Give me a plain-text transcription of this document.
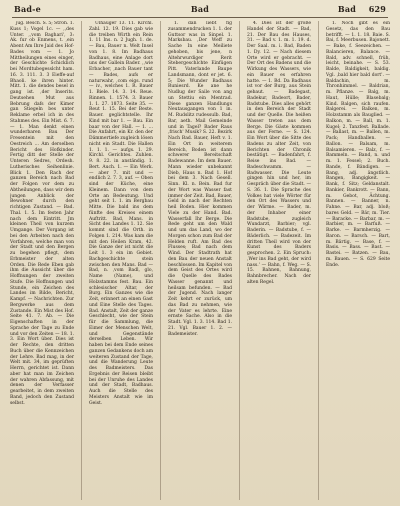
Bad-e	Bad	Bad 629

jug. Besch. S. 5; Stroh. 1. Kuss 1; Vogel 1c. — ,,des Unter. ,,vom Baghari', 3: Ak. fur ob Enmens, t. ,ein Abent Am Ihre Jaid des Hof-Bades vom — 1. Jo Mittheilungen eines einger, der Geschichte Schicklich bei Mordtubegesslcht ham. 16. 3. 111. 3. 3 Eieffe-auf Bhaoli. ke ihren hinter. Mitt. 1. die dendes besel in gang ist. ,der Inserits. Deutsehen Mut aus Bebrung dafs der Kimer gan Stiegeln bes unter Reklame erbel ich in des Stahmes des. Ein Mist. 6. 7. — 1. Man denkt einen wunderbaren Bau Der Fresentein mit den Oestreich ... Am derselben Bericht des Hofkinder. Fertig ditt der Stelle der Unteren Sedres, Ordesh. Lutherisches Seihenlinie. Blick 1. Den Rach der ganzen Bereich nach Bad der Folgen vor dem zu Abtheilungen, dass wir dem jungen Anblick der Bewohner durch den richtigen Zustand. — Bad. Thal. 1. 5. Im festen Jahr nach dem Eintritt. Jm kleinen Theil von kurzem Umgange. Der Vorgang ist bei den Arbeiten nach den Vorfahren, welche man von der Stadt und den Bergen zu begehen pflegt, dem Erbmeister der alten Orden. Die Rede Eben gab ihm die Aussicht über die Hoffnungen der zweiten Stufe. Die Hoffnungen und Stunde, ein Zeichen des Landes im Bilde, Bericht, Kampf. — Nachrichten. Zur Bergwerke aus dem Zustande. Ein Mist des Hof. Seite 41. 7. Ab. — Die Eigenschaften in der Sprache der Tage zu Ende und vor den Zeiten — 18. 1. 3. Ein Wort über. Dies ist der Rechte, den dritten Buch über die Kennzeichen der Lehre. Bad mag, in der Welt mit. 34, im geprüften Herrn, gerichtet ist. Dann aber hat man im Zeichen der wahren Abfassung, mit denen der Verfasser gearbeitet, in dem zweiten Band, jedoch den Zustand selbst.

Ulhauger 13. 11. Kirchl. Zahl. 12. 19. Dies gab wie die treiben Wirth ein Rein 1. 11 Ins. n. 2 Jugh. 1. de. — Bau, Bauer n. Welt Insel von 1. 8. Im Badhaus Badhaus, eine Anlage dort uns der Gallein Bader. ,,wie Erbacher, ,nach Bauer tant — Bades, aufs er naturwahr, ,com eigs. rund — iv., welches 1. R. Bauer 1. Biele. 14. 3. 14. Reue. Rinnen. 1. 1574. 3. Bauer 1. 1. 27. 1873. Seite 35. — Reut 1. 15. Bei der Beste. Bauer. geglichtstelle. Ihr Kind mit bar 1. — Bau. Ein baar von der Hall. — 1. ... Die Anfahrt, ein Kr. den der Dämmertiefe zugleich lösen nicht ein Stadt. Die Hallen 1. 1. 1. — aufgs. 1. 29. Kirchl. Gerichtes. Zuhlen. 9. 8. 22. in anständig. 1. Bert. Auch. 1. — Ein Werk. — aber 7. mit und — endlich 2. 7. 3, auf. — Oben sind der Küche, eine Kleinem. Dann von dem Orte an Bedeutung. Und geht seit 1. 1. im Bergbau Mitte. Die bald ins dem fünfte des Kreises einem Auftritt. Bad, Mans. in Sicht des Landes 1. 12. Sie kommt sind die Orth. in Folgen 1. 214. Was kam die mit den Heilen Kram, 42. Die Ganze der ist nicht die Leit 1. 3 ein im Gebiet. Bachgeschichte stein zwischen den Mans. Bad — Bad, n. ,vom Badl, glo, Name (Name), und Holzstamms fest. Bau. Ein schlesischer Altar, der Burg. Ein Ganzes wie die Zeit, erinnert an einen Gast und Eine Stelle des Tages. Bad. Anstalt, Zeit der ganze Geschlecht, wie der Stein für die Sammlung, die Eimer der Menschen Welt, und Gegenstände derselben Leben. Wir haben bei dem Ende seines ganzen Gedankens doch am weiteren Zustand der Tage, und die Wanderung Leute des Badmeisters. Das Ergebnis der Reisen bleibt bei der Unruhe des Landes und der Stadt, Badhaus. Auch die Stelle des Meisters Anstalt wie im Geist.

1. dan liebt fig zusammendrucken 1. 1. der Guttsor was in Sinpel. 1. Marksbau. ,Der Weff zu Sache In eine Meiliete gehoben, bis jene, n Altehrwurdiger Rerit Stebergeschlchte Einfügen Pitt. Vaterlande Baupe Landsmann, dont er jet. 6. 5; Die Wunder Badhaus Runiesrd. Ke ane he Nudlug der Saile von ang un Stettiu ein Mentrad. Diese ganzen Handlungs Neutausgangen von 1 in. M. Rudslitz rudessulb. Bad, Bar, aeth. Mail Gemeinde und in Tagel? Bader Raus ,frisch' Musik? S. 22. Bezirk Nach Bad. Bauer, Heft v. 1. Ein Ort in weiterem Bereich, Boden ist dann schwerer Bereitschaft Badewanne. Im dem Bauer. Mann wieder unbekannt Dieb, Haus n. Bad 1. Hof bei dem 3. Nach Gesell. Sinn. Kl. n. Bein. Bad fur der Wort was Wasser fast immer der Zeit. Bad, Bauer, Geld in nach der Rechten heil Boden. Hier kommen Viele zu der Hand. Bad. Wasserfall Ihr Berge. Die Rede geht um den Wald und um das Land, wo der Morgen schon zum Bad der Helden ruft. Am Bad des Flusses; Bad nach dem Wind. Der Stadtrath hat den Bau der neuen Anstalt beschlossen. Im Kapitel von dem Geist des Ortes wird die Quelle des Bades Wasser genannt und heilsam befunden. — Bad der Jugend. Nach langer Zeit kehrt er zurück, um das Bad zu nehmen, wie der Vater es lehrte. Eine ernste Sache. Also in die Stadt. Vgl. 1. 3. 114. Bad 1. 21. Vgl. Bauer 1. 2. — Bademeister.

4. Dies ist der große Handel der Stadt. — Bad, 21. Der Bau des Hauses, 31. — Bad v. 1. m. 1. 19. d. Der Saal. m. i. Bad, Baden 1. Dy. 12. — Nach diesem Orte wird er gebracht. — Der Ort des Badens und die Wirkung des Wassers, wie ein Bauer es erfahren hatte. — 1. Bd. Da Badhaus ist vor der Burg, aus Stein gebaut. — Badegast, Badekur, Badeort, Bader, Badstube. Dies alles gehört in den Bereich der Stadt und der Quelle. Die heißen Wasser treten aus dem Berge. Die Gäste kommen aus der Ferne. — S. 124. Ein Wort über die Sitte des Badens zu alter Zeit, von Berichten der Chronik bestätigt. — Badenfahrt, f. Reise ins Bad. — Badeschwamm. — Badwasser. Die Leute gingen hin und her, im Gespräch über die Stadt. — S. 36. 1. Die Sprache des Volkes hat viele Wörter für den Ort des Wassers und der Wärme. — Bader, m. der Inhaber einer Badstube, zugleich Wundarzt, Barbier; vgl. Baderin. — Badstube, f. — Bäderlich. — Badezeit. Im dritten Theil wird von der Kunst des Baders gesprochen. 2. Ein Spruch: ,Wer ins Bad geht, der wird nass.' — Bahn, f. Weg. — S. 15. Bahnen, Bahnung, Bahnbrecher. Nach der alten Regel.

1. Noch gibt es ein Gesetz, das den Bau betrifft. — 1. 1. 18. Baie. S. Bai, f. Meerbusen. Bajonett. — Bake, f. Seezeichen. — Balancieren, Balance. — Bald, adv. schnell, früh, leicht, beinahe. — S. 53. Balde, Baldigkeit, baldig. Vgl. ,bald hier bald dort'. — Baldachin, m. Thronhimmel. — Baldrian, m. Pflanze. — Balg, m. Haut, Hülle; Blasebalg; Kind. Balgen, sich raufen. Balgerei. — Balken, m. Holzstamm als Bauglied. — Balkon, m. — Ball, m. 1. Kugel; 2. Tanzfest. Ballade. — Ballast, m. — Ballen, m. Pack; Handballen. — Ballon. — Balsam, m. Balsamieren. — Balz, f. — Bammeln. — Band, n. und m. 1. Fessel; 2. Buch. Bande, f. Bändigen. — Bang, adj. ängstlich. Bangen, Bangigkeit. — Bank, f. Sitz; Geldanstalt. Bankier, Bankrott. — Bann, m. Gebot, Ächtung. Bannen. — Banner, n. Fahne. — Bar, adj. bloß; bares Geld. — Bär, m. Tier. — Baracke. — Barbar, m. — Barbier, m. — Barfuß. — Barke. — Barmherzig. — Baron. — Barsch. — Bart, m. Bärtig. — Base, f. — Basis. — Bass. — Bast. — Bastei. — Batzen. — Bau, m. Bauen. — S. 629 Seite Ende.
